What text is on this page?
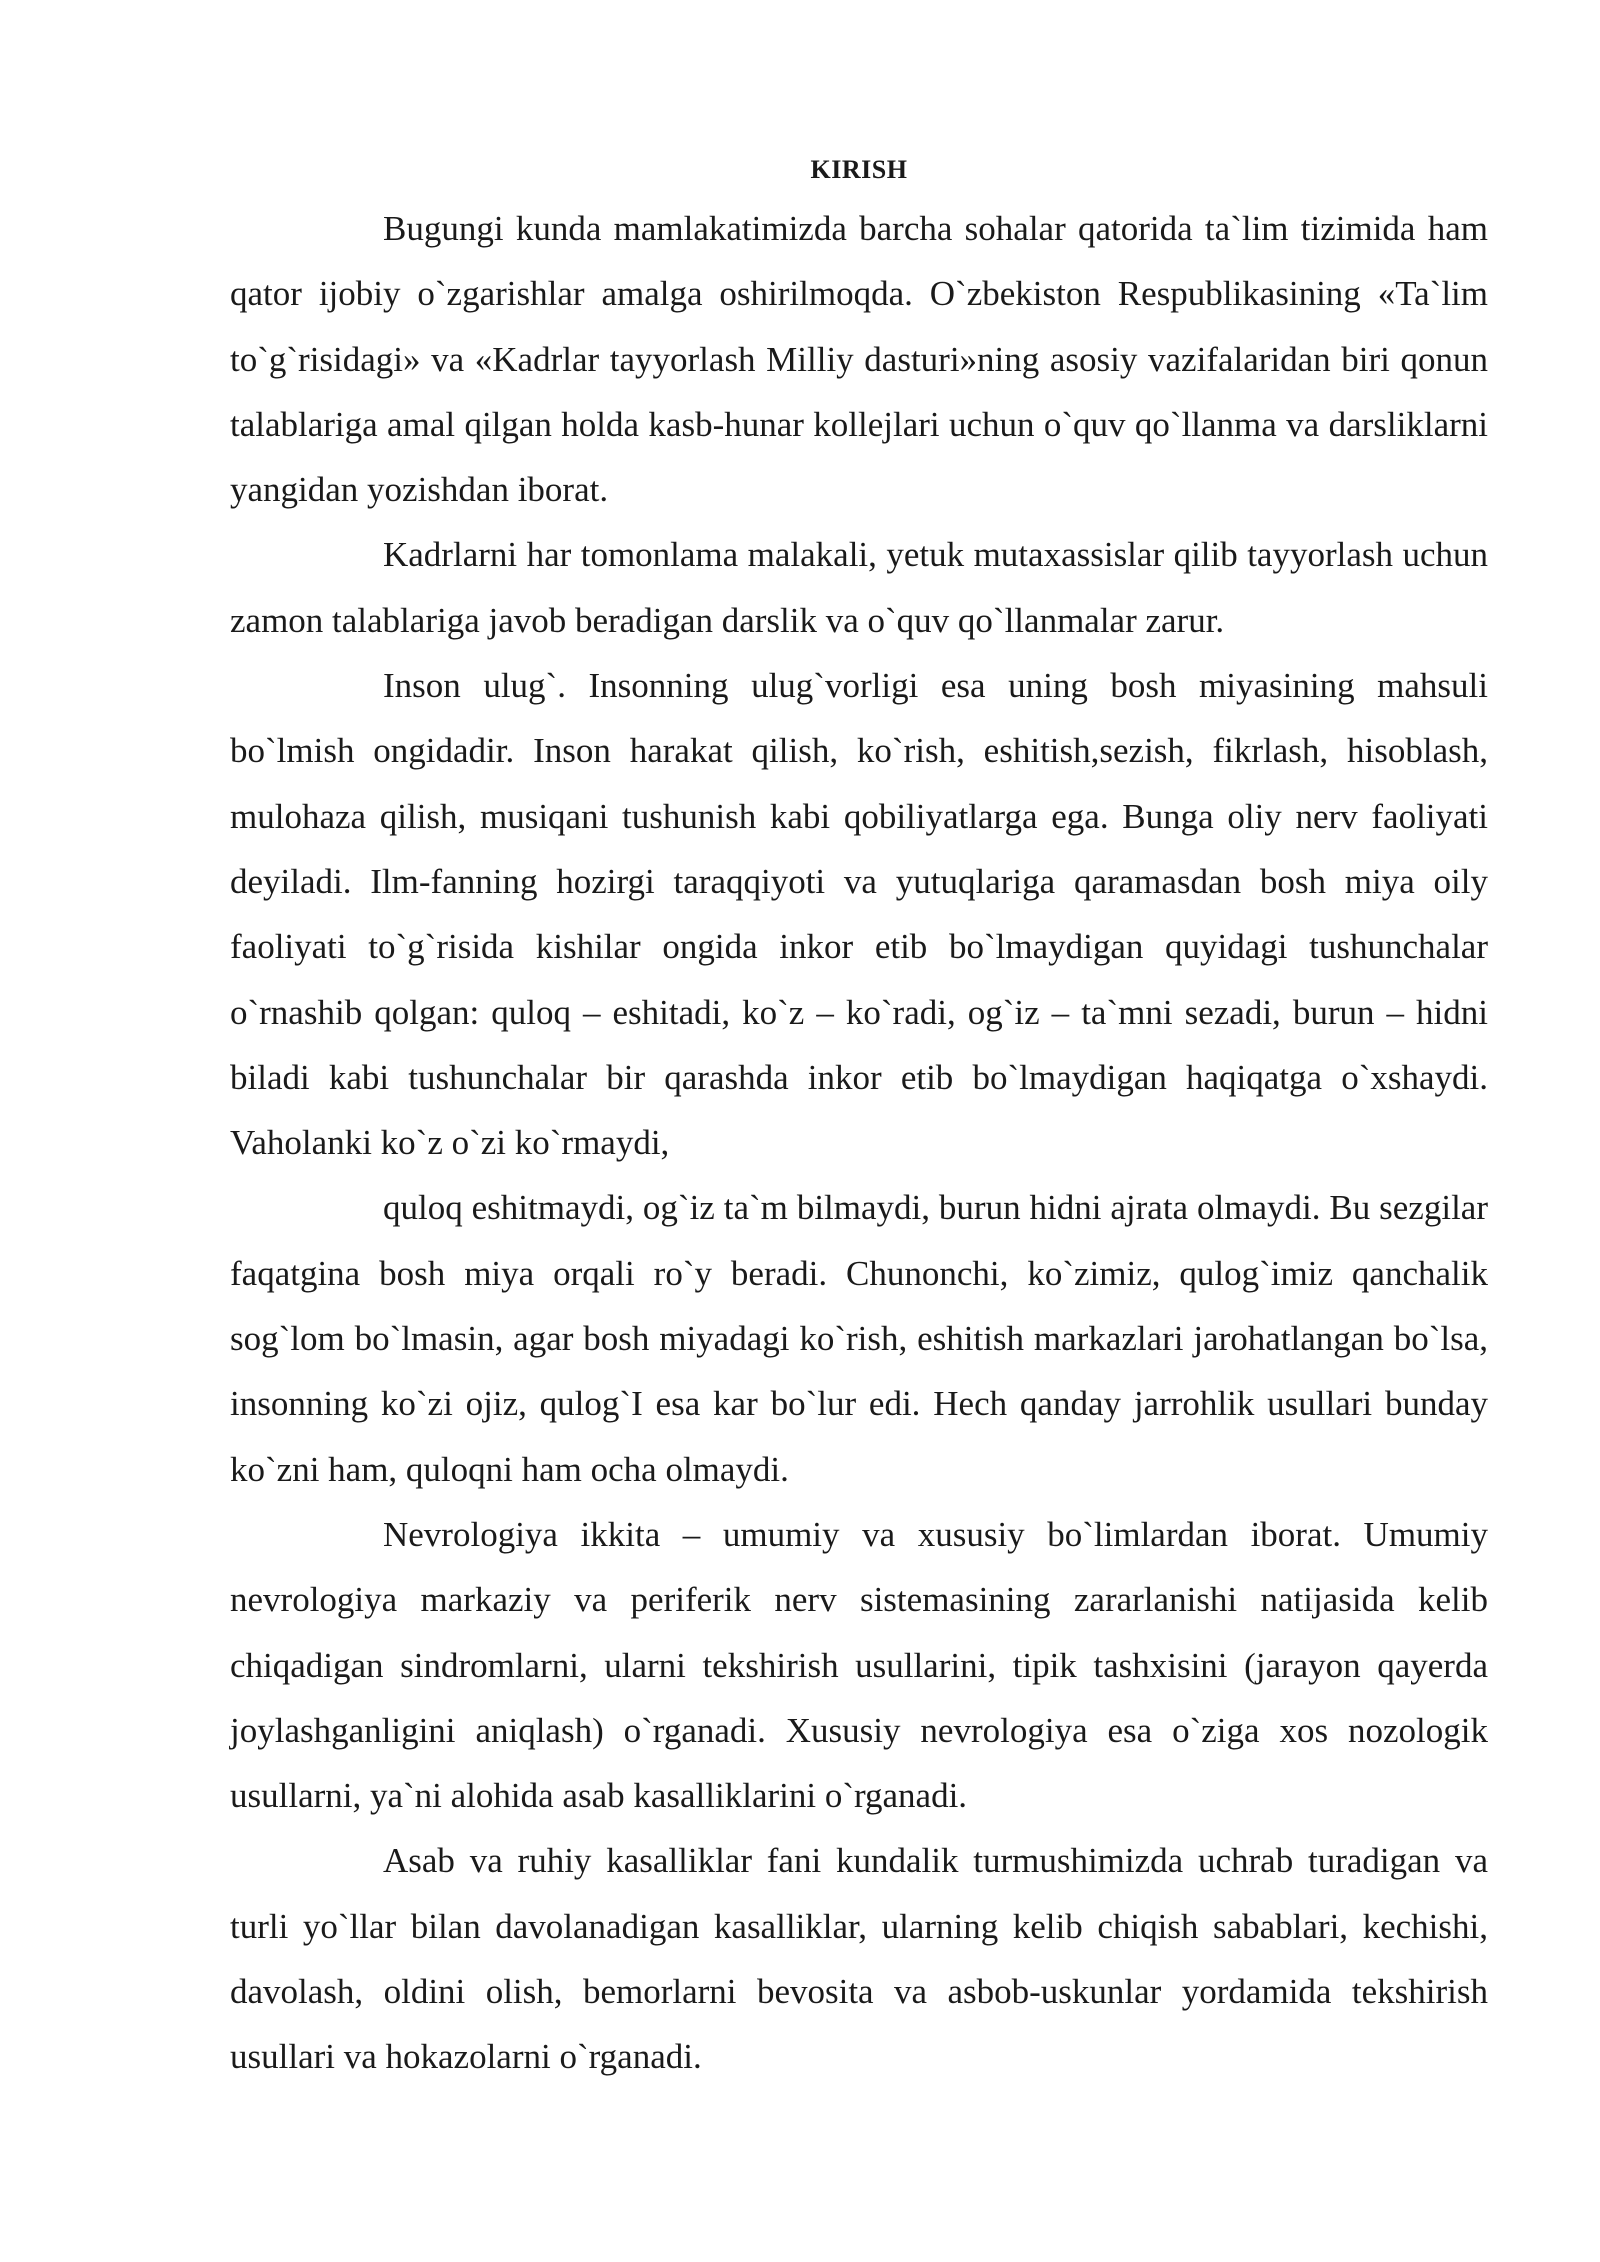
KIRISH

Bugungi kunda mamlakatimizda barcha sohalar qatorida ta`lim tizimida ham qator ijobiy o`zgarishlar amalga oshirilmoqda. O`zbekiston Respublikasining «Ta`lim to`g`risidagi» va «Kadrlar tayyorlash Milliy dasturi»ning asosiy vazifalaridan biri qonun talablariga amal qilgan holda kasb-hunar kollejlari uchun o`quv qo`llanma va darsliklarni yangidan yozishdan iborat.

Kadrlarni har tomonlama malakali, yetuk mutaxassislar qilib tayyorlash uchun zamon talablariga javob beradigan darslik va o`quv qo`llanmalar zarur.

Inson ulug`. Insonning ulug`vorligi esa uning bosh miyasining mahsuli bo`lmish ongidadir. Inson harakat qilish, ko`rish, eshitish,sezish, fikrlash, hisoblash, mulohaza qilish, musiqani tushunish kabi qobiliyatlarga ega. Bunga oliy nerv faoliyati deyiladi. Ilm-fanning hozirgi taraqqiyoti va yutuqlariga qaramasdan bosh miya oily faoliyati to`g`risida kishilar ongida inkor etib bo`lmaydigan quyidagi tushunchalar o`rnashib qolgan: quloq – eshitadi, ko`z – ko`radi, og`iz – ta`mni sezadi, burun – hidni biladi kabi tushunchalar bir qarashda inkor etib bo`lmaydigan haqiqatga o`xshaydi. Vaholanki ko`z o`zi ko`rmaydi,

quloq eshitmaydi, og`iz ta`m bilmaydi, burun hidni ajrata olmaydi. Bu sezgilar faqatgina bosh miya orqali ro`y beradi. Chunonchi, ko`zimiz, qulog`imiz qanchalik sog`lom bo`lmasin, agar bosh miyadagi ko`rish, eshitish markazlari jarohatlangan bo`lsa, insonning ko`zi ojiz, qulog`I esa kar bo`lur edi. Hech qanday jarrohlik usullari bunday ko`zni ham, quloqni ham ocha olmaydi.

Nevrologiya ikkita – umumiy va xususiy bo`limlardan iborat. Umumiy nevrologiya markaziy va periferik nerv sistemasining zararlanishi natijasida kelib chiqadigan sindromlarni, ularni tekshirish usullarini, tipik tashxisini (jarayon qayerda joylashganligini aniqlash) o`rganadi. Xususiy nevrologiya esa o`ziga xos nozologik usullarni, ya`ni alohida asab kasalliklarini o`rganadi.

Asab va ruhiy kasalliklar fani kundalik turmushimizda uchrab turadigan va turli yo`llar bilan davolanadigan kasalliklar, ularning kelib chiqish sabablari, kechishi, davolash, oldini olish, bemorlarni bevosita va asbob-uskunlar yordamida tekshirish usullari va hokazolarni o`rganadi.
